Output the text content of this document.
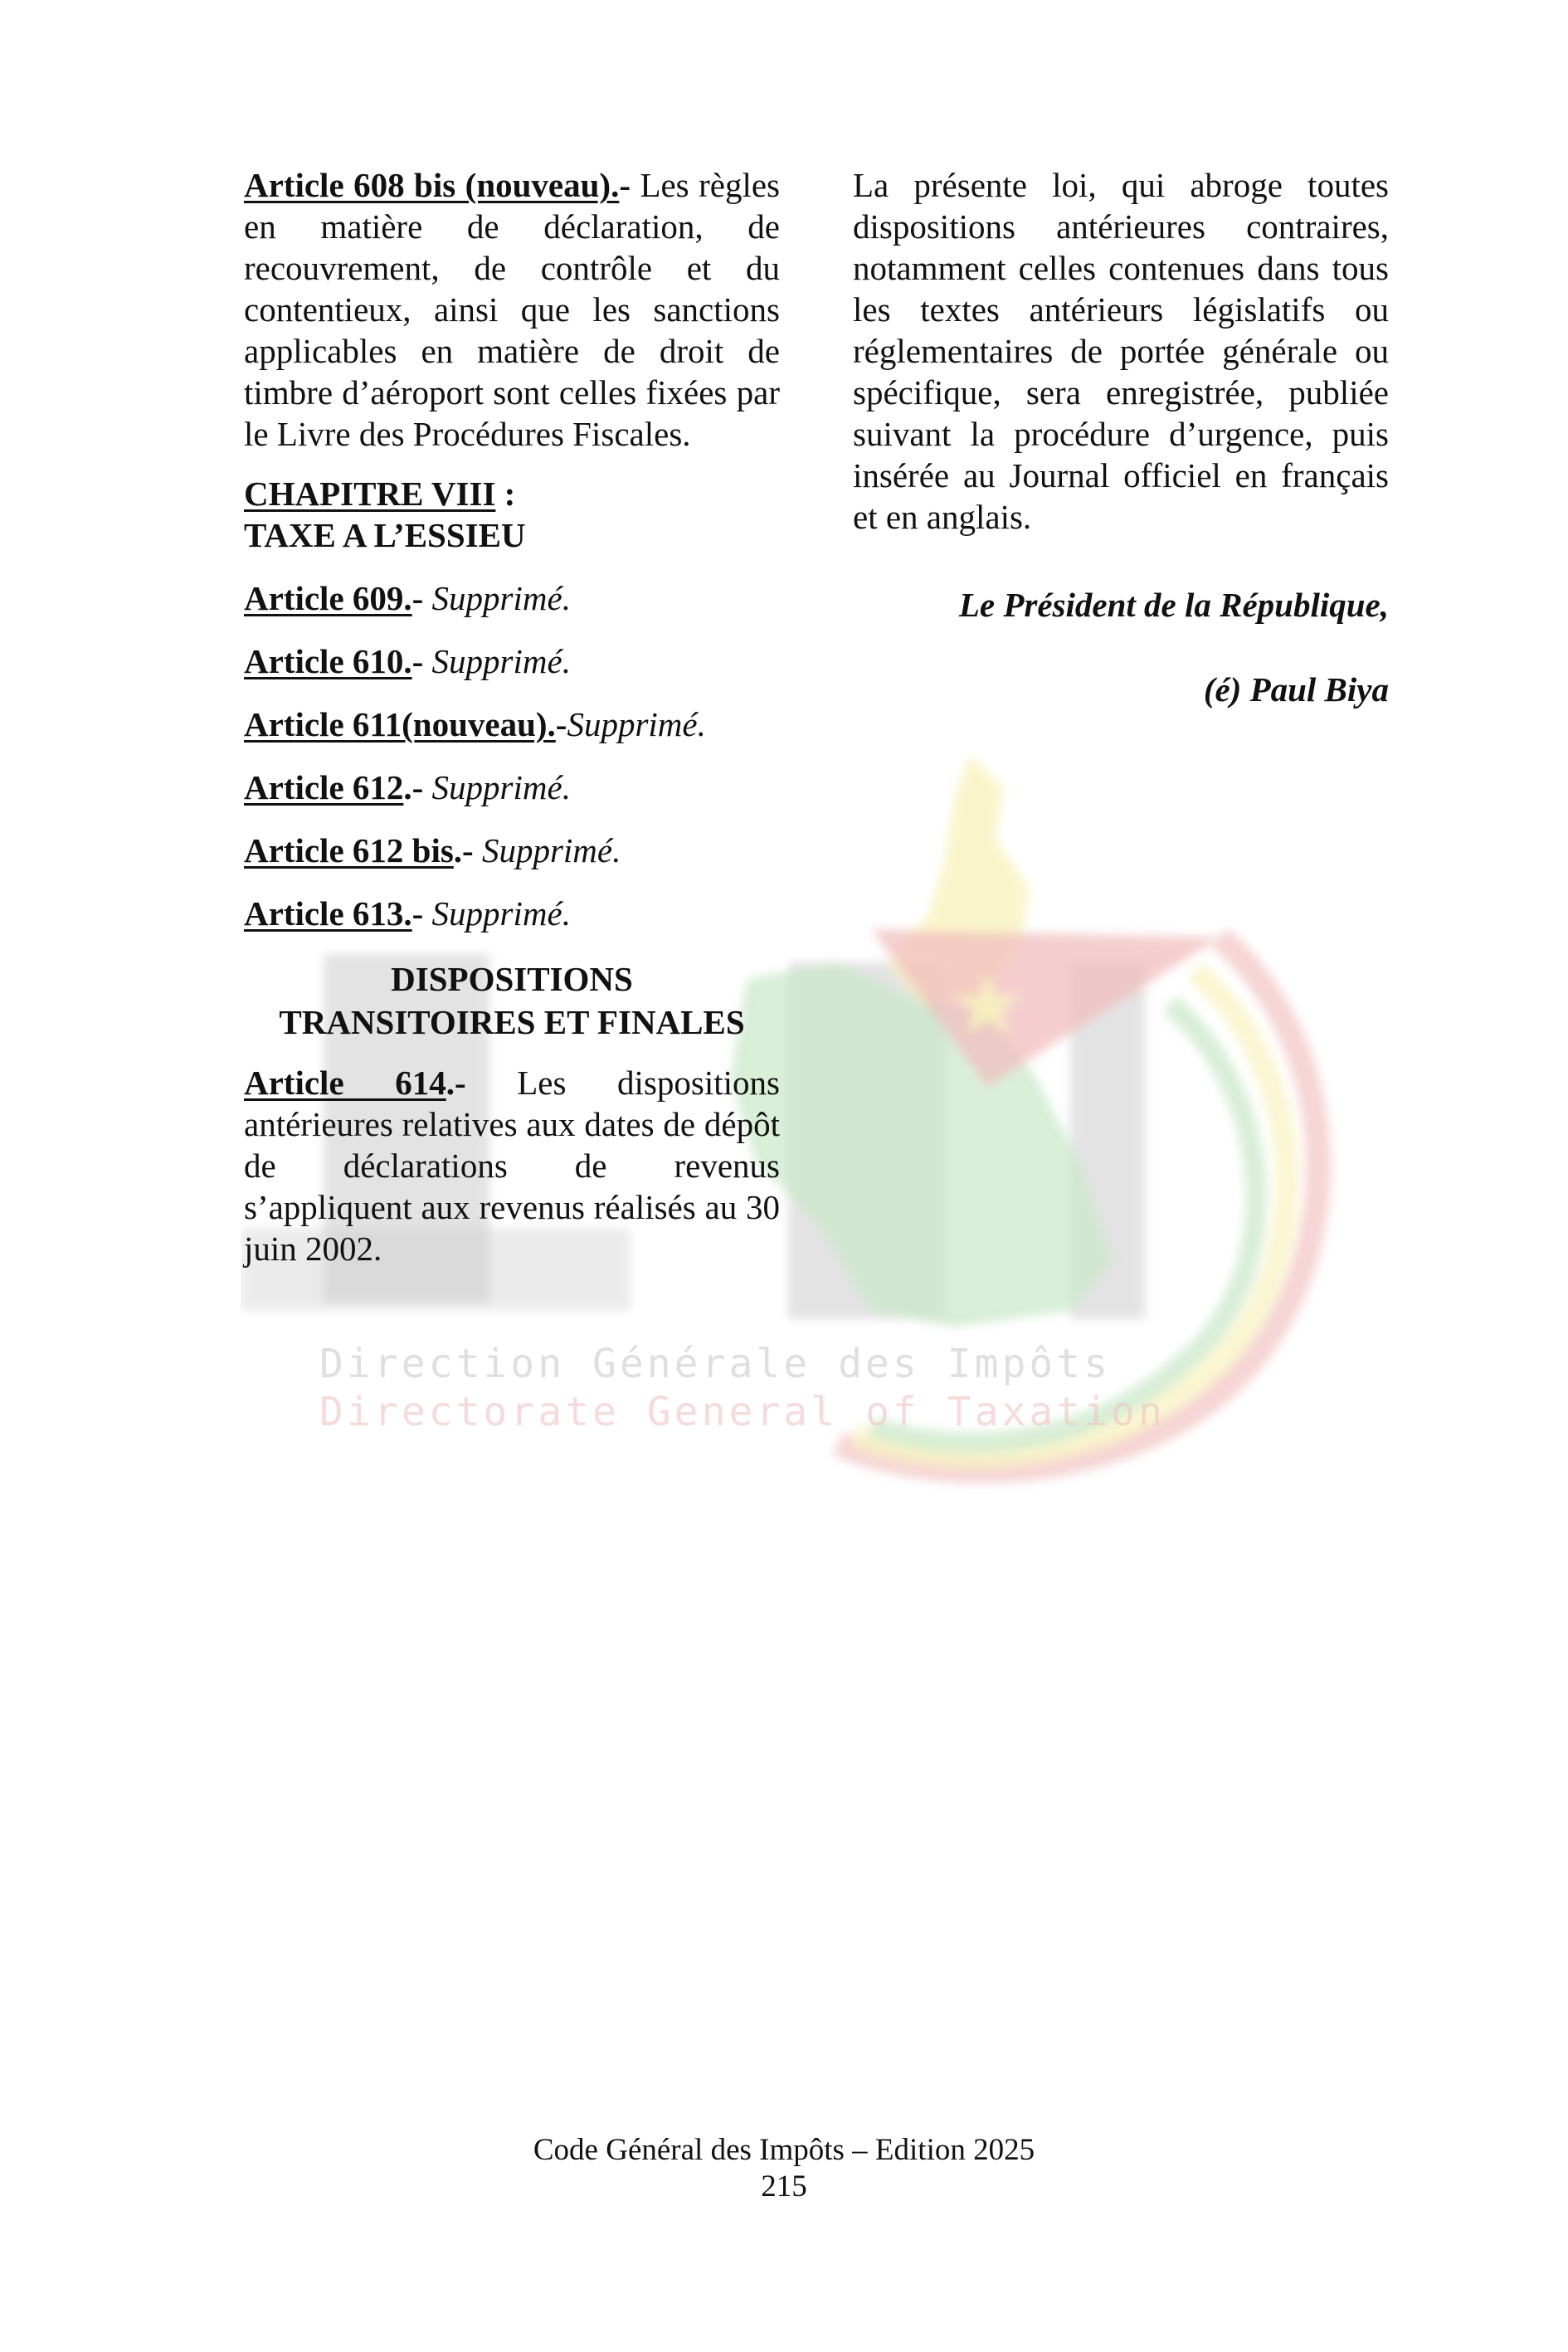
Direction Générale des Impôts
Directorate General of Taxation

Article 608 bis (nouveau).- Les règles en matière de déclaration, de recouvrement, de contrôle et du contentieux, ainsi que les sanctions applicables en matière de droit de timbre d’aéroport sont celles fixées par le Livre des Procédures Fiscales.

CHAPITRE VIII :
TAXE A L’ESSIEU
Article 609.- Supprimé.
Article 610.- Supprimé.
Article 611(nouveau).-Supprimé.
Article 612.- Supprimé.
Article 612 bis.- Supprimé.
Article 613.- Supprimé.
DISPOSITIONS
TRANSITOIRES ET FINALES

Article 614.- Les dispositions antérieures relatives aux dates de dépôt de déclarations de revenus s’appliquent aux revenus réalisés au 30 juin 2002.

La présente loi, qui abroge toutes dispositions antérieures contraires, notamment celles contenues dans tous les textes antérieurs législatifs ou réglementaires de portée générale ou spécifique, sera enregistrée, publiée suivant la procédure d’urgence, puis insérée au Journal officiel en français et en anglais.

Le Président de la République,

(é) Paul Biya

Code Général des Impôts – Edition 2025
215
